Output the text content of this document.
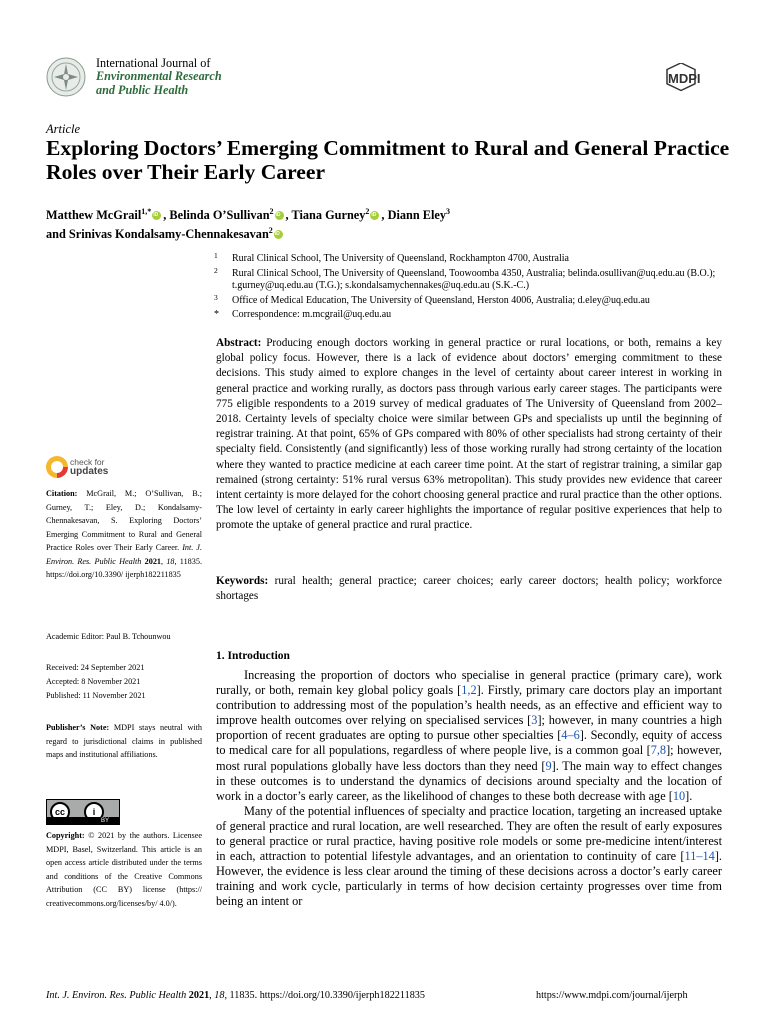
International Journal of
Environmental Research
and Public Health
MDPI
Article
Exploring Doctors’ Emerging Commitment to Rural and General Practice Roles over Their Early Career
Matthew McGrail$^{1,*}$ iD , Belinda O’Sullivan$^2$ iD , Tiana Gurney$^2$ iD , Diann Eley$^3$
and Srinivas Kondalsamy-Chennakesavan$^2$iD
1 Rural Clinical School, The University of Queensland, Rockhampton 4700, Australia
2 Rural Clinical School, The University of Queensland, Toowoomba 4350, Australia; belinda.osullivan@uq.edu.au (B.O.); t.gurney@uq.edu.au (T.G.); s.kondalsamychennakes@uq.edu.au (S.K.-C.)
3 Office of Medical Education, The University of Queensland, Herston 4006, Australia; d.eley@uq.edu.au
* Correspondence: m.mcgrail@uq.edu.au
Abstract: Producing enough doctors working in general practice or rural locations, or both, remains a key global policy focus. However, there is a lack of evidence about doctors’ emerging commitment to these decisions. This study aimed to explore changes in the level of certainty about career interest in working in general practice and working rurally, as doctors pass through various early career stages. The participants were 775 eligible respondents to a 2019 survey of medical graduates of The University of Queensland from 2002–2018. Certainty levels of specialty choice were similar between GPs and specialists up until the beginning of registrar training. At that point, 65% of GPs compared with 80% of other specialists had strong certainty of their specialty field. Consistently (and significantly) less of those working rurally had strong certainty of the location where they wanted to practice medicine at each career time point. At the start of registrar training, a similar gap remained (strong certainty: 51% rural versus 63% metropolitan). This study provides new evidence that career intent certainty is more delayed for the cohort choosing general practice and rural practice than the other options. The low level of certainty in early career highlights the importance of regular positive experiences that help to promote the uptake of general practice and rural practice.
Keywords: rural health; general practice; career choices; early career doctors; health policy; workforce shortages
check for
updates
Citation: McGrail, M.; O’Sullivan, B.; Gurney, T.; Eley, D.; Kondalsamy-Chennakesavan, S. Exploring Doctors’ Emerging Commitment to Rural and General Practice Roles over Their Early Career. Int. J. Environ. Res. Public Health 2021, 18, 11835. https://doi.org/10.3390/ ijerph182211835
Academic Editor: Paul B. Tchounwou
Received: 24 September 2021
Accepted: 8 November 2021
Published: 11 November 2021
Publisher’s Note: MDPI stays neutral with regard to jurisdictional claims in published maps and institutional affiliations.
cc	i
BY
Copyright: © 2021 by the authors. Licensee MDPI, Basel, Switzerland. This article is an open access article distributed under the terms and conditions of the Creative Commons Attribution (CC BY) license (https:// creativecommons.org/licenses/by/ 4.0/).
1. Introduction

Increasing the proportion of doctors who specialise in general practice (primary care), work rurally, or both, remain key global policy goals [1,2]. Firstly, primary care doctors play an important contribution to addressing most of the population’s health needs, as an effective and efficient way to improve health outcomes over relying on specialised services [3]; however, in many countries a high proportion of recent graduates are opting to pursue other specialties [4–6]. Secondly, equity of access to medical care for all populations, regardless of where people live, is a common goal [7,8]; however, most rural populations globally have less doctors than they need [9]. The main way to effect changes in these outcomes is to understand the dynamics of decisions around specialty and the location of work in a doctor’s early career, as the likelihood of changes to these both decrease with age [10].

Many of the potential influences of specialty and practice location, targeting an increased uptake of general practice and rural location, are well researched. They are often the result of early exposures to general practice or rural practice, having positive role models or some pre-medicine intent/interest in each, attraction to potential lifestyle advantages, and an orientation to continuity of care [11–14]. However, the evidence is less clear around the timing of these decisions across a doctor’s early career training and work cycle, particularly in terms of how decision certainty progresses over time from being an intent or

Int. J. Environ. Res. Public Health 2021, 18, 11835. https://doi.org/10.3390/ijerph182211835	https://www.mdpi.com/journal/ijerph
